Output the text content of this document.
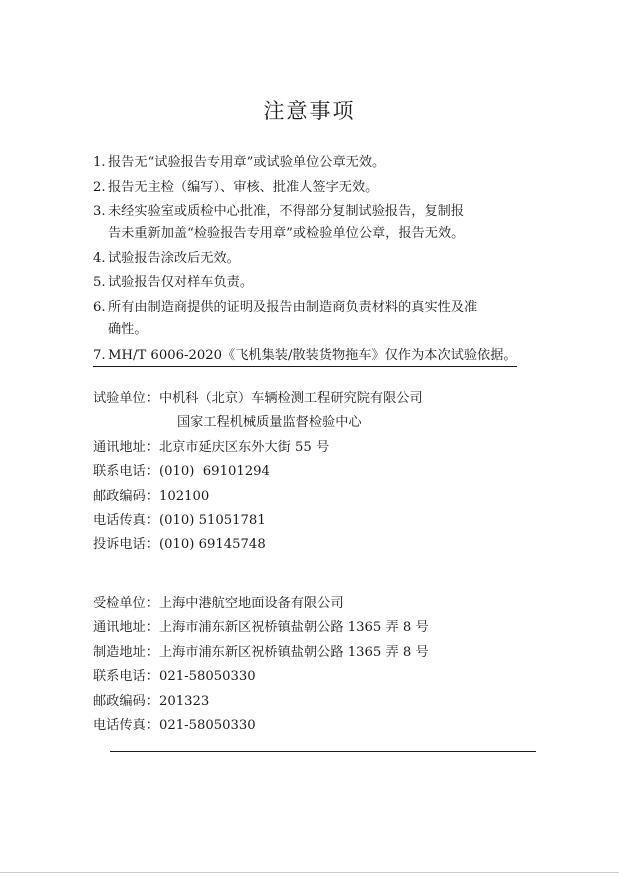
注意事项
1. 报告无“试验报告专用章”或试验单位公章无效。
2. 报告无主检（编写）、审核、批准人签字无效。
3. 未经实验室或质检中心批准，不得部分复制试验报告，复制报
告未重新加盖“检验报告专用章”或检验单位公章，报告无效。
4. 试验报告涂改后无效。
5. 试验报告仅对样车负责。
6. 所有由制造商提供的证明及报告由制造商负责材料的真实性及准
确性。
7. MH/T 6006-2020《飞机集装/散装货物拖车》仅作为本次试验依据。
试验单位：中机科（北京）车辆检测工程研究院有限公司
国家工程机械质量监督检验中心
通讯地址：北京市延庆区东外大街 55 号
联系电话：(010)  69101294
邮政编码：102100
电话传真：(010) 51051781
投诉电话：(010) 69145748
受检单位：上海中港航空地面设备有限公司
通讯地址：上海市浦东新区祝桥镇盐朝公路 1365 弄 8 号
制造地址：上海市浦东新区祝桥镇盐朝公路 1365 弄 8 号
联系电话：021-58050330
邮政编码：201323
电话传真：021-58050330
